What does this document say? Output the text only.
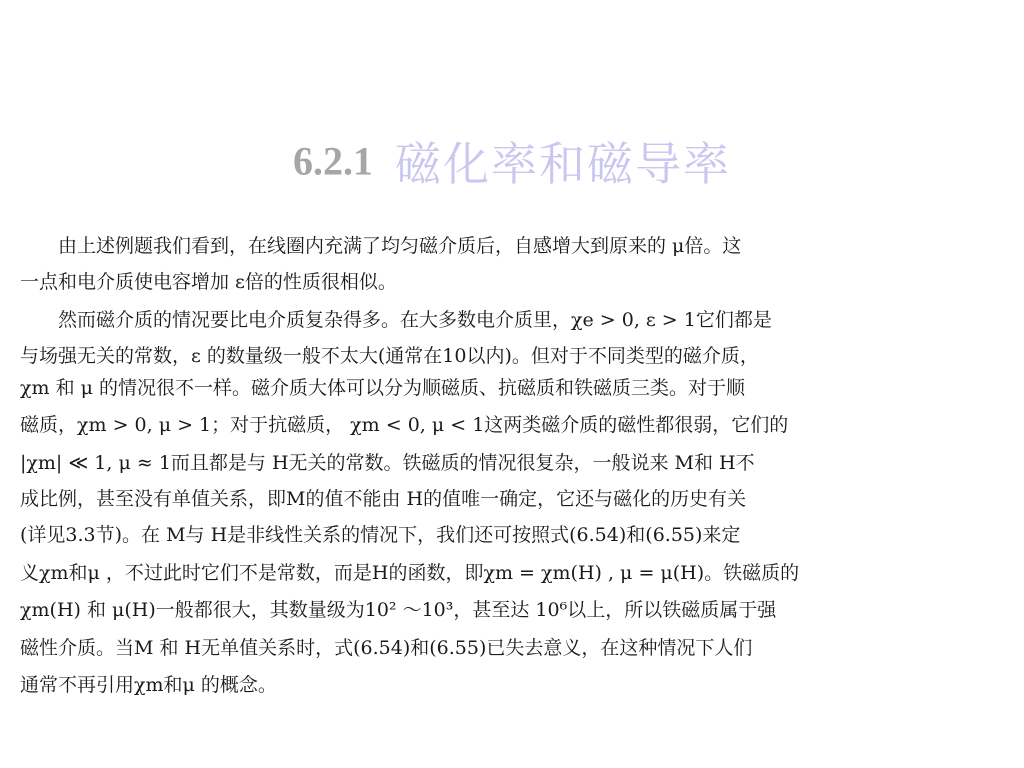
6.2.1 磁化率和磁导率
由上述例题我们看到，在线圈内充满了均匀磁介质后，自感增大到原来的 μ倍。这
一点和电介质使电容增加 ε倍的性质很相似。
然而磁介质的情况要比电介质复杂得多。在大多数电介质里，χe > 0, ε > 1它们都是
与场强无关的常数，ε 的数量级一般不太大(通常在10以内)。但对于不同类型的磁介质，
χm 和 μ 的情况很不一样。磁介质大体可以分为顺磁质、抗磁质和铁磁质三类。对于顺
磁质，χm > 0, μ > 1；对于抗磁质， χm < 0, μ < 1这两类磁介质的磁性都很弱，它们的
|χm| ≪ 1, μ ≈ 1而且都是与 H无关的常数。铁磁质的情况很复杂，一般说来 M和 H不
成比例，甚至没有单值关系，即M的值不能由 H的值唯一确定，它还与磁化的历史有关
(详见3.3节)。在 M与 H是非线性关系的情况下，我们还可按照式(6.54)和(6.55)来定
义χm和μ ，不过此时它们不是常数，而是H的函数，即χm = χm(H) , μ = μ(H)。铁磁质的
χm(H) 和 μ(H)一般都很大，其数量级为10² ～10³，甚至达 10⁶以上，所以铁磁质属于强
磁性介质。当M 和 H无单值关系时，式(6.54)和(6.55)已失去意义，在这种情况下人们
通常不再引用χm和μ 的概念。
